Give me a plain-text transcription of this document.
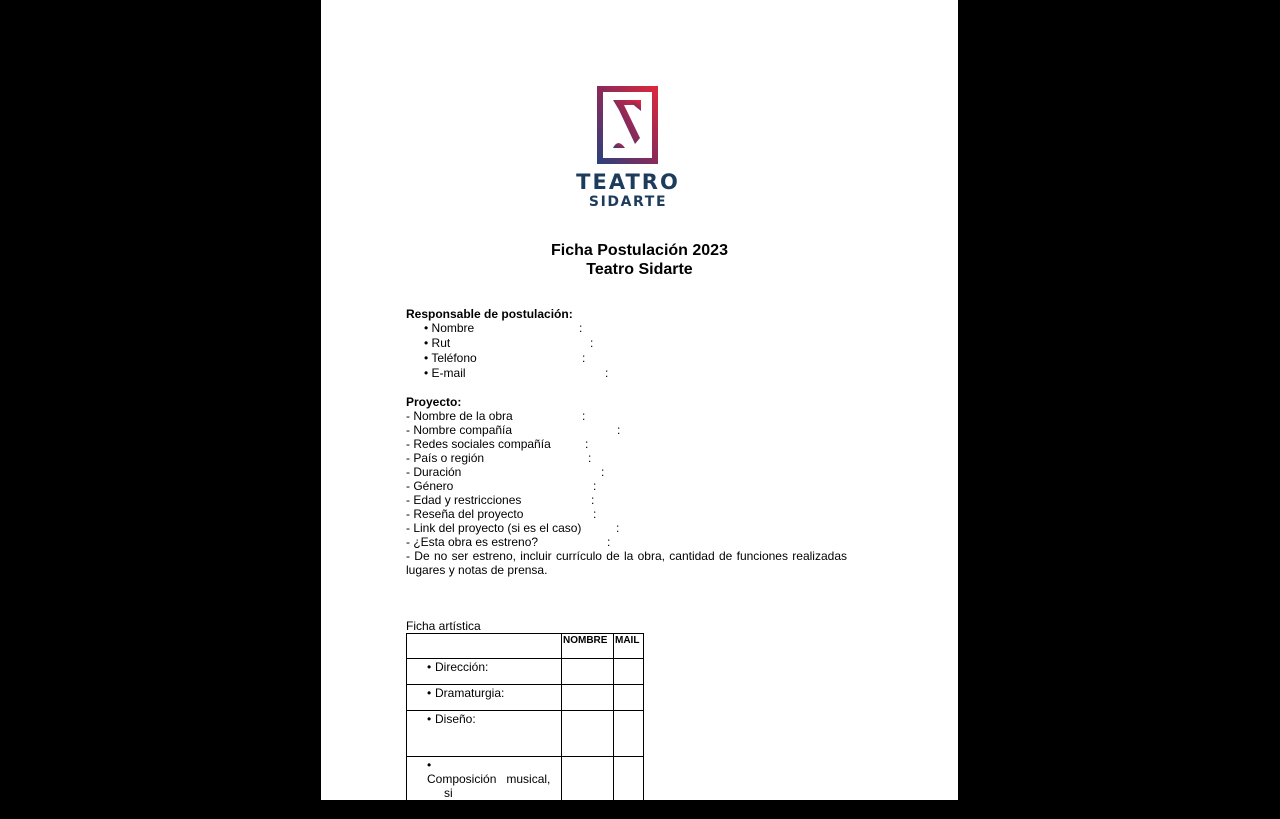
TEATRO
SIDARTE
Ficha Postulación 2023
Teatro Sidarte
Responsable de postulación:
• Nombre	:
• Rut	:
• Teléfono	:
• E-mail	:
Proyecto:
- Nombre de la obra	:
- Nombre compañía	:
- Redes sociales compañía	:
- País o región	:
- Duración	:
- Género	:
- Edad y restricciones	:
- Reseña del proyecto	:
- Link del proyecto (si es el caso)	:
- ¿Esta obra es estreno?	:
- De no ser estreno, incluir currículo de la obra, cantidad de funciones realizadas
lugares y notas de prensa.
Ficha artística
	NOMBRE	MAIL
• Dirección:		
• Dramaturgia:		
• Diseño:		

•Composición   musical,
si
corresponde:		
